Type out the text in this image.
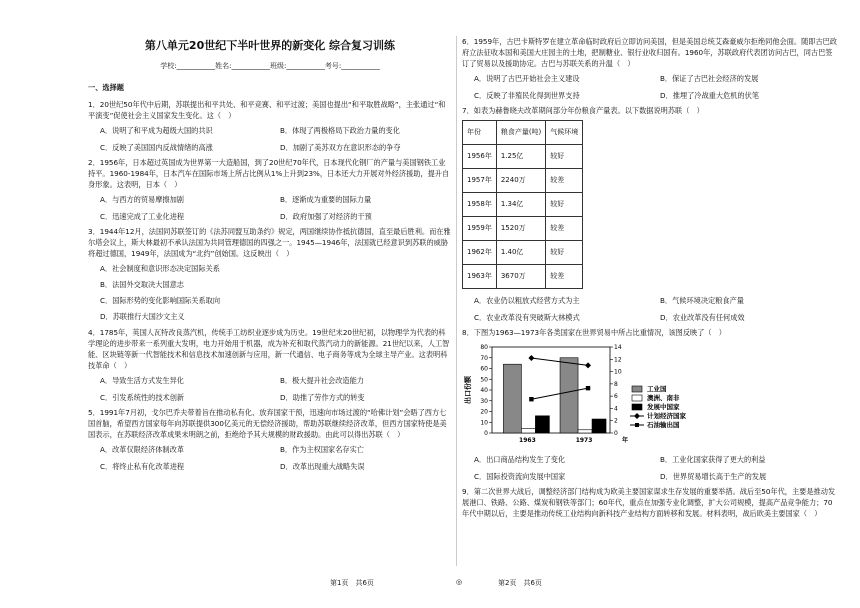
第八单元20世纪下半叶世界的新变化 综合复习训练
学校:___________姓名:___________班级:___________考号:___________
一、选择题
1．20世纪50年代中后期，苏联提出和平共处、和平竞赛、和平过渡；美国也提出“和平取胜战略”，主张通过“和平演变”促使社会主义国家发生变化。这（　）
A．说明了和平成为超级大国的共识	B．体现了两极格局下政治力量的变化
C．反映了美国国内反战情绪的高涨	D．加剧了美苏双方在意识形态的争夺
2．1956年，日本超过英国成为世界第一大造船国，到了20世纪70年代，日本现代化钢厂的产量与美国钢铁工业持平。1960-1984年，日本汽车在国际市场上所占比例从1%上升到23%，日本还大力开展对外经济援助，提升自身形象。这表明，日本（　）
A．与西方的贸易摩擦加剧	B．逐渐成为重要的国际力量
C．迅速完成了工业化进程	D．政府加强了对经济的干预
3．1944年12月，法国同苏联签订的《法苏同盟互助条约》规定，两国继续协作抵抗德国，直至最后胜利。而在雅尔塔会议上，斯大林最初不承认法国为共同管理德国的四强之一。1945—1946年，法国就已经意识到苏联的威胁将超过德国，1949年，法国成为“北约”创始国。这反映出（　）
A．社会制度和意识形态决定国际关系
B．法国外交取决大国意志
C．国际形势的变化影响国际关系取向
D．苏联推行大国沙文主义
4．1785年，英国人瓦特改良蒸汽机，传统手工纺织业逐步成为历史。19世纪末20世纪初，以物理学为代表的科学理论的进步带来一系列重大发明，电力开始用于机器，成为补充和取代蒸汽动力的新能源。21世纪以来，人工智能、区块链等新一代智能技术和信息技术加速创新与应用，新一代通信、电子商务等成为全球主导产业。这表明科技革命（　）
A．导致生活方式发生异化	B．极大提升社会改造能力
C．引发系统性的技术创新	D．助推了劳作方式的转变
5．1991年7月初，戈尔巴乔夫带着旨在推动私有化、放弃国家干预，迅速向市场过渡的“哈佛计划”会晤了西方七国首脑，希望西方国家每年向苏联提供300亿美元的无偿经济援助，帮助苏联继续经济改革，但西方国家特使是美国表示，在苏联经济改革成果未明朗之前，拒绝给予其大规模的财政援助。由此可以得出苏联（　）
A．改革仅限经济体制改革	B．作为主权国家名存实亡
C．将终止私有化改革进程	D．改革出现重大战略失误
6．1959年，古巴卡斯特罗在建立革命临时政府后立即访问美国，但是美国总统艾森豪威尔拒绝同他会面。随即古巴政府立法征收本国和美国大庄园主的土地，把制糖业、银行业收归国有。1960年，苏联政府代表团访问古巴，同古巴签订了贸易以及援助协定。古巴与苏联关系的升温（　）
A．说明了古巴开始社会主义建设	B．保证了古巴社会经济的发展
C．反映了非殖民化得到世界支持	D．推埋了冷战重大危机的伏笔
7．如表为赫鲁晓夫改革期间部分年份粮食产量表。以下数据说明苏联（　）
年份	粮食产量(吨)	气候环境
1956年	1.25亿	较好
1957年	2240万	较差
1958年	1.34亿	较好
1959年	1520万	较差
1962年	1.40亿	较好
1963年	3670万	较差
A．农业仍以粗放式经营方式为主	B．气候环境决定粮食产量
C．农业改革没有突破斯大林模式	D．农业改革没有任何成效
8．下图为1963—1973年各类国家在世界贸易中所占比重情况，该图反映了（　）
0
10
20
30
40
50
60
70
80
0
2
4
6
8
10
12
14
出口份额
1963	1973	年
工业国
澳洲、南非
发展中国家
计划经济国家
石油输出国
A．出口商品结构发生了变化	B．工业化国家获得了更大的利益
C．国际投资流向发展中国家	D．世界贸易增长高于生产的发展
9．第二次世界大战后，调整经济部门结构成为欧美主要国家谋求生存发展的重要举措。战后至50年代，主要是推动发展港口、铁路、公路、煤炭和钢铁等部门；60年代，重点在加强专业化调整，扩大公司规模，提高产品竞争能力；70年代中期以后，主要是推动传统工业结构向新科技产业结构方面转移和发展。材料表明，战后欧美主要国家（　）
第1页　共6页	◎	第2页　共6页
